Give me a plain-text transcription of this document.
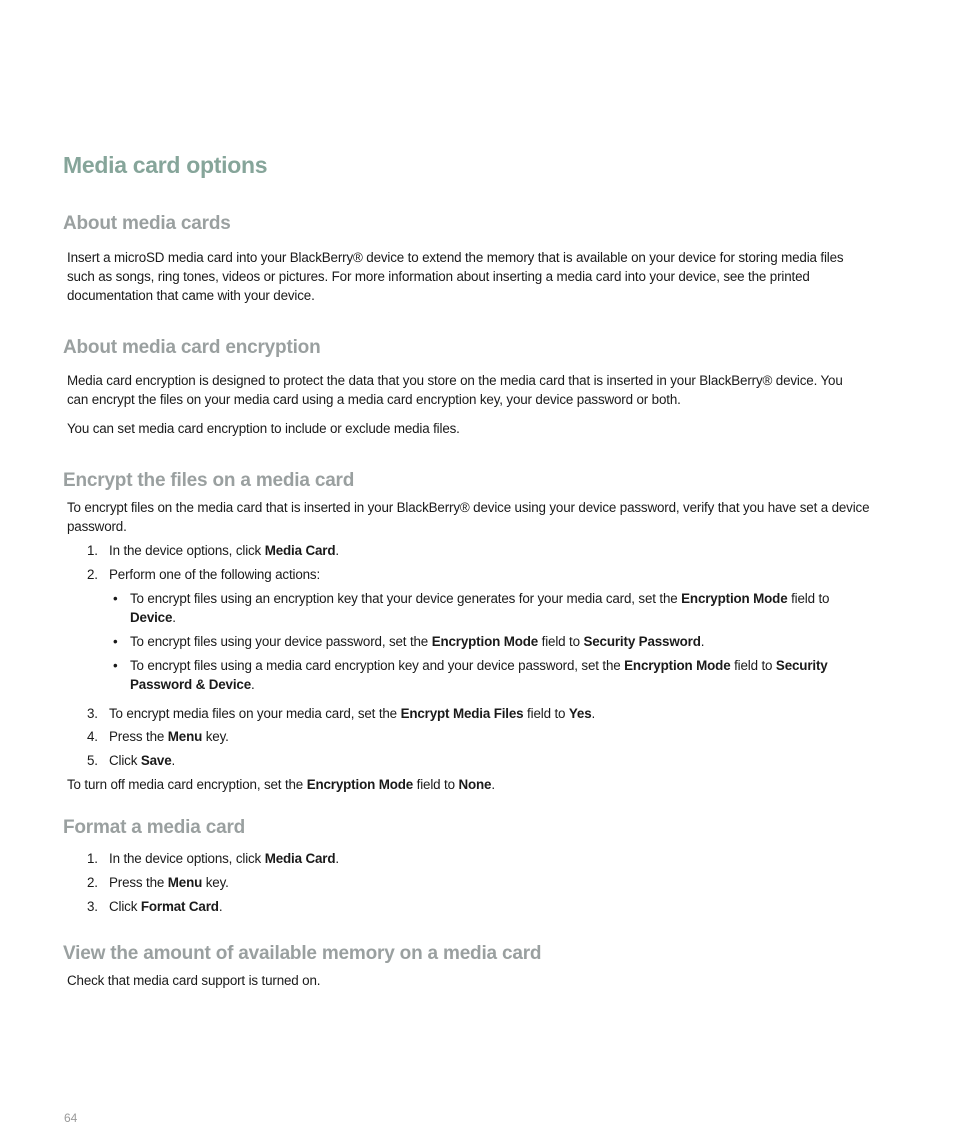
Media card options
About media cards
Insert a microSD media card into your BlackBerry® device to extend the memory that is available on your device for storing media files
such as songs, ring tones, videos or pictures. For more information about inserting a media card into your device, see the printed
documentation that came with your device.
About media card encryption
Media card encryption is designed to protect the data that you store on the media card that is inserted in your BlackBerry® device. You
can encrypt the files on your media card using a media card encryption key, your device password or both.
You can set media card encryption to include or exclude media files.
Encrypt the files on a media card
To encrypt files on the media card that is inserted in your BlackBerry® device using your device password, verify that you have set a device
password.
1. In the device options, click Media Card.
2. Perform one of the following actions:
• To encrypt files using an encryption key that your device generates for your media card, set the Encryption Mode field to
Device.
• To encrypt files using your device password, set the Encryption Mode field to Security Password.
• To encrypt files using a media card encryption key and your device password, set the Encryption Mode field to Security
Password & Device.
3. To encrypt media files on your media card, set the Encrypt Media Files field to Yes.
4. Press the Menu key.
5. Click Save.
To turn off media card encryption, set the Encryption Mode field to None.
Format a media card
1. In the device options, click Media Card.
2. Press the Menu key.
3. Click Format Card.
View the amount of available memory on a media card
Check that media card support is turned on.
64
